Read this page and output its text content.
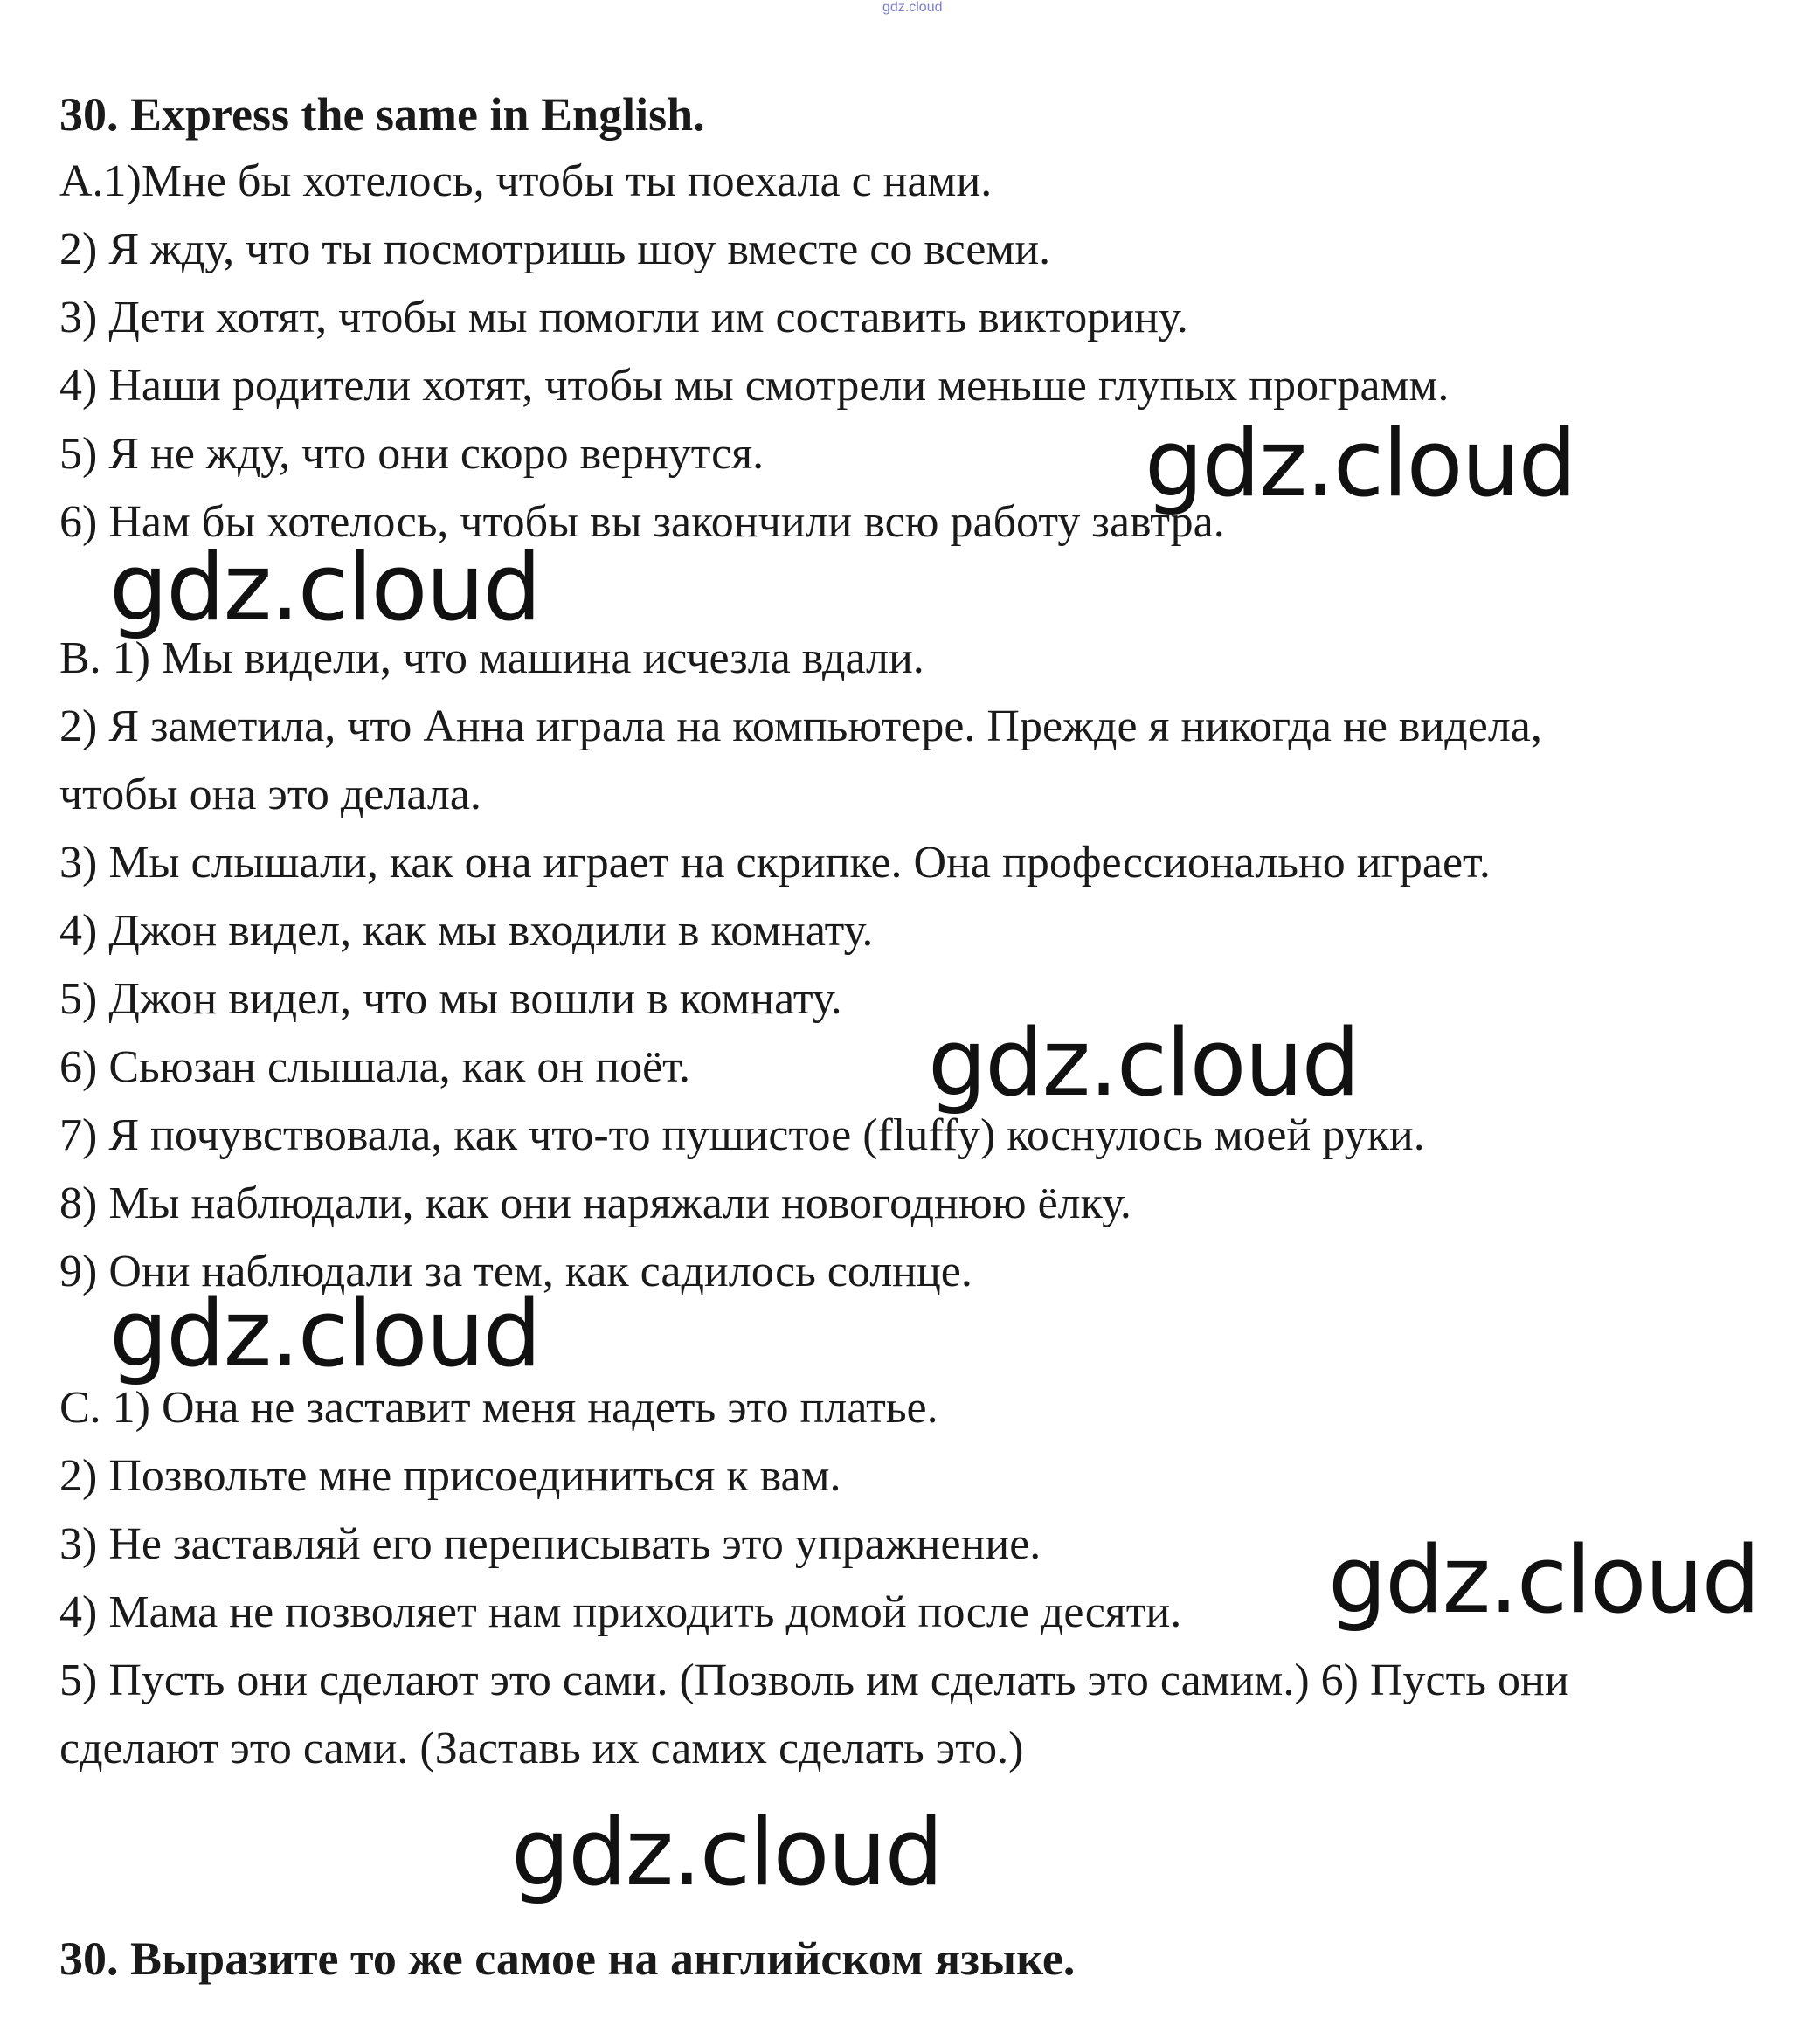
gdz.cloud
30. Express the same in English.
А.1)Мне бы хотелось, чтобы ты поехала с нами.
2) Я жду, что ты посмотришь шоу вместе со всеми.
3) Дети хотят, чтобы мы помогли им составить викторину.
4) Наши родители хотят, чтобы мы смотрели меньше глупых программ.
5) Я не жду, что они скоро вернутся.
6) Нам бы хотелось, чтобы вы закончили всю работу завтра.
В. 1) Мы видели, что машина исчезла вдали.
2) Я заметила, что Анна играла на компьютере. Прежде я никогда не видела,
чтобы она это делала.
3) Мы слышали, как она играет на скрипке. Она профессионально играет.
4) Джон видел, как мы входили в комнату.
5) Джон видел, что мы вошли в комнату.
6) Сьюзан слышала, как он поёт.
7) Я почувствовала, как что-то пушистое (fluffy) коснулось моей руки.
8) Мы наблюдали, как они наряжали новогоднюю ёлку.
9) Они наблюдали за тем, как садилось солнце.
С. 1) Она не заставит меня надеть это платье.
2) Позвольте мне присоединиться к вам.
3) Не заставляй его переписывать это упражнение.
4) Мама не позволяет нам приходить домой после десяти.
5) Пусть они сделают это сами. (Позволь им сделать это самим.) 6) Пусть они
сделают это сами. (Заставь их самих сделать это.)
30. Выразите то же самое на английском языке.
gdz.cloud
gdz.cloud
gdz.cloud
gdz.cloud
gdz.cloud
gdz.cloud
